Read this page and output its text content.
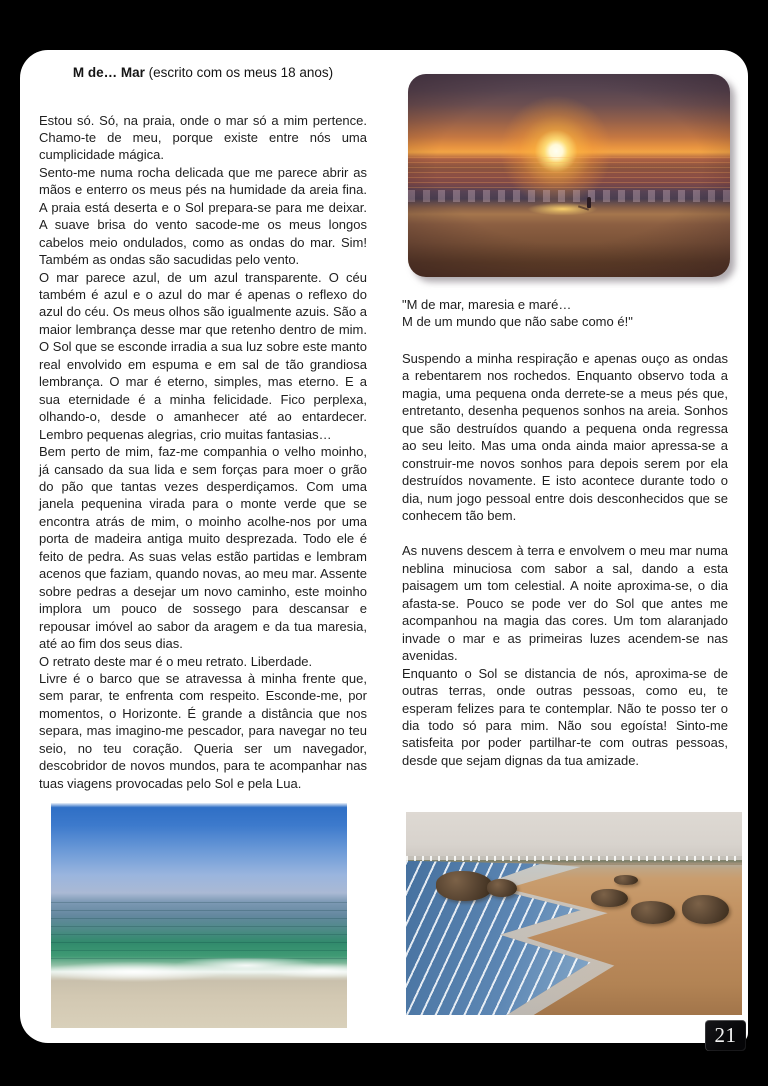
M de… Mar (escrito com os meus 18 anos)

Estou só. Só, na praia, onde o mar só a mim pertence. Chamo-te de meu, porque existe entre nós uma cumplicidade mágica.

Sento-me numa rocha delicada que me parece abrir as mãos e enterro os meus pés na humidade da areia fina. A praia está deserta e o Sol prepara-se para me deixar. A suave brisa do vento sacode-me os meus longos cabelos meio ondulados, como as ondas do mar. Sim! Também as ondas são sacudidas pelo vento.

O mar parece azul, de um azul transparente. O céu também é azul e o azul do mar é apenas o reflexo do azul do céu. Os meus olhos são igualmente azuis. São a maior lembrança desse mar que retenho dentro de mim. O Sol que se esconde irradia a sua luz sobre este manto real envolvido em espuma e em sal de tão grandiosa lembrança. O mar é eterno, simples, mas eterno. E a sua eternidade é a minha felicidade. Fico perplexa, olhando-o, desde o amanhecer até ao entardecer. Lembro pequenas alegrias, crio muitas fantasias…

Bem perto de mim, faz-me companhia o velho moinho, já cansado da sua lida e sem forças para moer o grão do pão que tantas vezes desperdiçamos. Com uma janela pequenina virada para o monte verde que se encontra atrás de mim, o moinho acolhe-nos por uma porta de madeira antiga muito desprezada. Todo ele é feito de pedra. As suas velas estão partidas e lembram acenos que faziam, quando novas, ao meu mar. Assente sobre pedras a desejar um novo caminho, este moinho implora um pouco de sossego para descansar e repousar imóvel ao sabor da aragem e da tua maresia, até ao fim dos seus dias.

O retrato deste mar é o meu retrato. Liberdade.

Livre é o barco que se atravessa à minha frente que, sem parar, te enfrenta com respeito. Esconde-me, por momentos, o Horizonte. É grande a distância que nos separa, mas imagino-me pescador, para navegar no teu seio, no teu coração. Queria ser um navegador, descobridor de novos mundos, para te acompanhar nas tuas viagens provocadas pelo Sol e pela Lua.

"M de mar, maresia e maré…
M de um mundo que não sabe como é!"

Suspendo a minha respiração e apenas ouço as ondas a rebentarem nos rochedos. Enquanto observo toda a magia, uma pequena onda derrete-se a meus pés que, entretanto, desenha pequenos sonhos na areia. Sonhos que são destruídos quando a pequena onda regressa ao seu leito. Mas uma onda ainda maior apressa-se a construir-me novos sonhos para depois serem por ela destruídos novamente. E isto acontece durante todo o dia, num jogo pessoal entre dois desconhecidos que se conhecem tão bem.

As nuvens descem à terra e envolvem o meu mar numa neblina minuciosa com sabor a sal, dando a esta paisagem um tom celestial. A noite aproxima-se, o dia afasta-se. Pouco se pode ver do Sol que antes me acompanhou na magia das cores. Um tom alaranjado invade o mar e as primeiras luzes acendem-se nas avenidas.

Enquanto o Sol se distancia de nós, aproxima-se de outras terras, onde outras pessoas, como eu, te esperam felizes para te contemplar. Não te posso ter o dia todo só para mim. Não sou egoísta! Sinto-me satisfeita por poder partilhar-te com outras pessoas, desde que sejam dignas da tua amizade.

21
